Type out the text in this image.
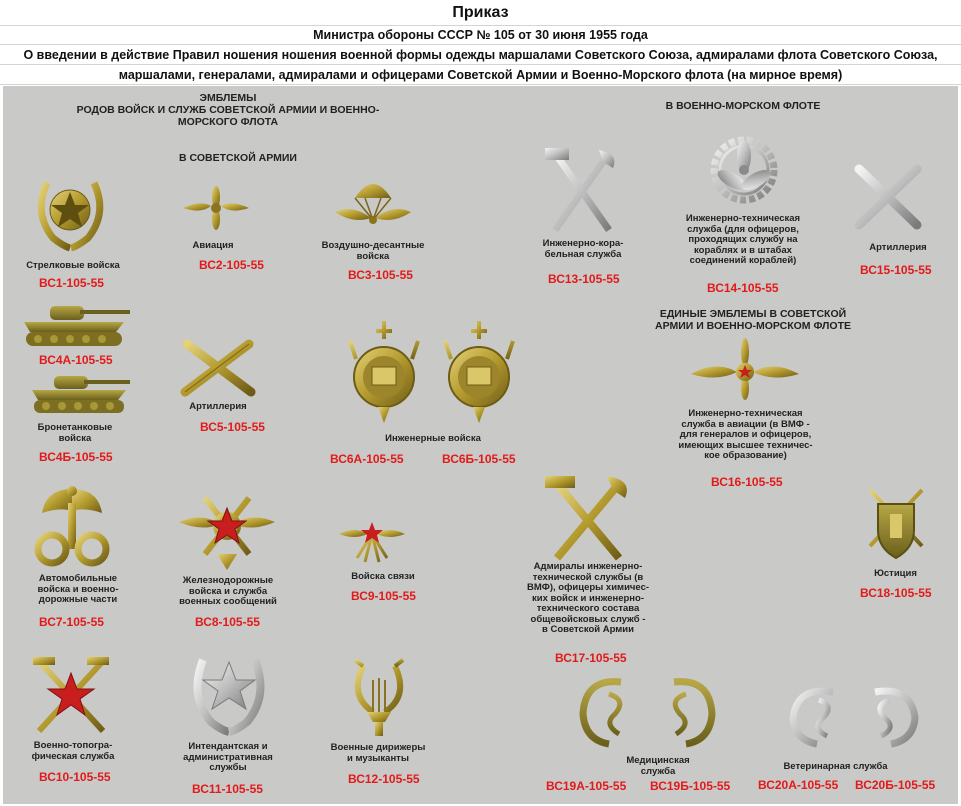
Приказ
Министра обороны СССР № 105 от 30 июня 1955 года
О введении в действие Правил ношения ношения военной формы одежды маршалами Советского Союза, адмиралами флота Советского Союза,
маршалами, генералами, адмиралами и офицерами Советской Армии и Военно-Морского флота (на мирное время)
ЭМБЛЕМЫ
РОДОВ ВОЙСК И СЛУЖБ СОВЕТСКОЙ АРМИИ И ВОЕННО-
МОРСКОГО ФЛОТА
В СОВЕТСКОЙ АРМИИ
В ВОЕННО-МОРСКОМ ФЛОТЕ
ЕДИНЫЕ ЭМБЛЕМЫ В СОВЕТСКОЙ
АРМИИ И ВОЕННО-МОРСКОМ ФЛОТЕ
Стрелковые войска
ВС1-105-55
Авиация
ВС2-105-55
Воздушно-десантные
войска
ВС3-105-55
ВС4А-105-55
Бронетанковые
войска
ВС4Б-105-55
Артиллерия
ВС5-105-55
ВС6А-105-55
Инженерные войска
ВС6Б-105-55
Автомобильные
войска и военно-
дорожные части
ВС7-105-55
Железнодорожные
войска и служба
военных сообщений
ВС8-105-55
Войска связи
ВС9-105-55
Военно-топогра-
фическая служба
ВС10-105-55
Интендантская и
административная
службы
ВС11-105-55
Военные дирижеры
и музыканты
ВС12-105-55
Инженерно-кора-
бельная служба
ВС13-105-55
Инженерно-техническая
служба (для офицеров,
проходящих службу на
кораблях и в штабах
соединений кораблей)
ВС14-105-55
Артиллерия
ВС15-105-55
Инженерно-техническая
служба в авиации (в ВМФ -
для генералов и офицеров,
имеющих высшее техничес-
кое образование)
ВС16-105-55
Адмиралы инженерно-
технической службы (в
ВМФ), офицеры химичес-
ких войск и инженерно-
технического состава
общевойсковых служб -
в Советской Армии
ВС17-105-55
Юстиция
ВС18-105-55
ВС19А-105-55
Медицинская служба
ВС19Б-105-55 ВС20А-105-55
Ветеринарная служба
ВС20Б-105-55
